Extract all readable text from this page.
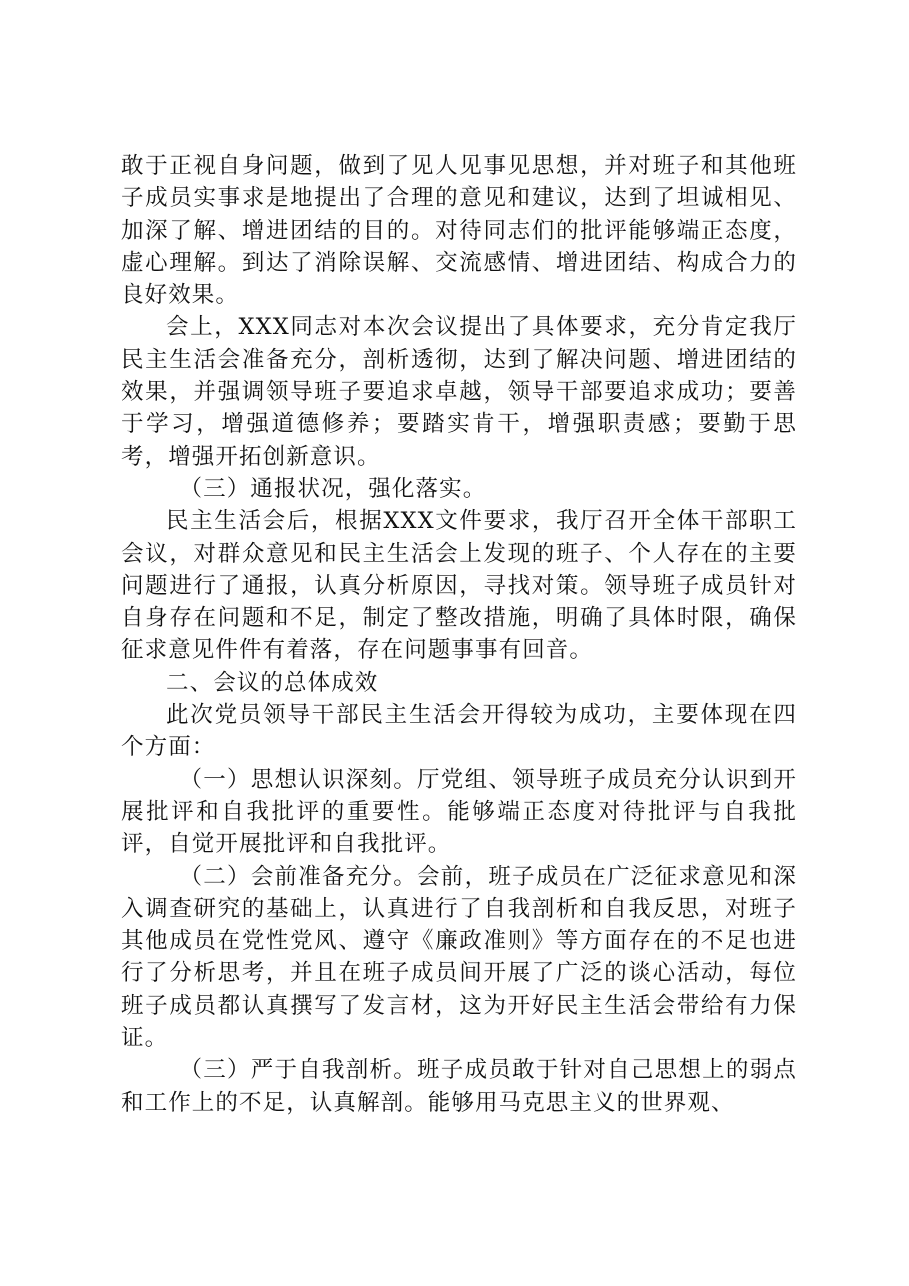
敢于正视自身问题，做到了见人见事见思想，并对班子和其他班子成员实事求是地提出了合理的意见和建议，达到了坦诚相见、加深了解、增进团结的目的。对待同志们的批评能够端正态度，虚心理解。到达了消除误解、交流感情、增进团结、构成合力的良好效果。

会上，XXX同志对本次会议提出了具体要求，充分肯定我厅民主生活会准备充分，剖析透彻，达到了解决问题、增进团结的效果，并强调领导班子要追求卓越，领导干部要追求成功；要善于学习，增强道德修养；要踏实肯干，增强职责感；要勤于思考，增强开拓创新意识。

（三）通报状况，强化落实。

民主生活会后，根据XXX文件要求，我厅召开全体干部职工会议，对群众意见和民主生活会上发现的班子、个人存在的主要问题进行了通报，认真分析原因，寻找对策。领导班子成员针对自身存在问题和不足，制定了整改措施，明确了具体时限，确保征求意见件件有着落，存在问题事事有回音。

二、会议的总体成效

此次党员领导干部民主生活会开得较为成功，主要体现在四个方面：

（一）思想认识深刻。厅党组、领导班子成员充分认识到开展批评和自我批评的重要性。能够端正态度对待批评与自我批评，自觉开展批评和自我批评。

（二）会前准备充分。会前，班子成员在广泛征求意见和深入调查研究的基础上，认真进行了自我剖析和自我反思，对班子其他成员在党性党风、遵守《廉政准则》等方面存在的不足也进行了分析思考，并且在班子成员间开展了广泛的谈心活动，每位班子成员都认真撰写了发言材，这为开好民主生活会带给有力保证。

（三）严于自我剖析。班子成员敢于针对自己思想上的弱点和工作上的不足，认真解剖。能够用马克思主义的世界观、
